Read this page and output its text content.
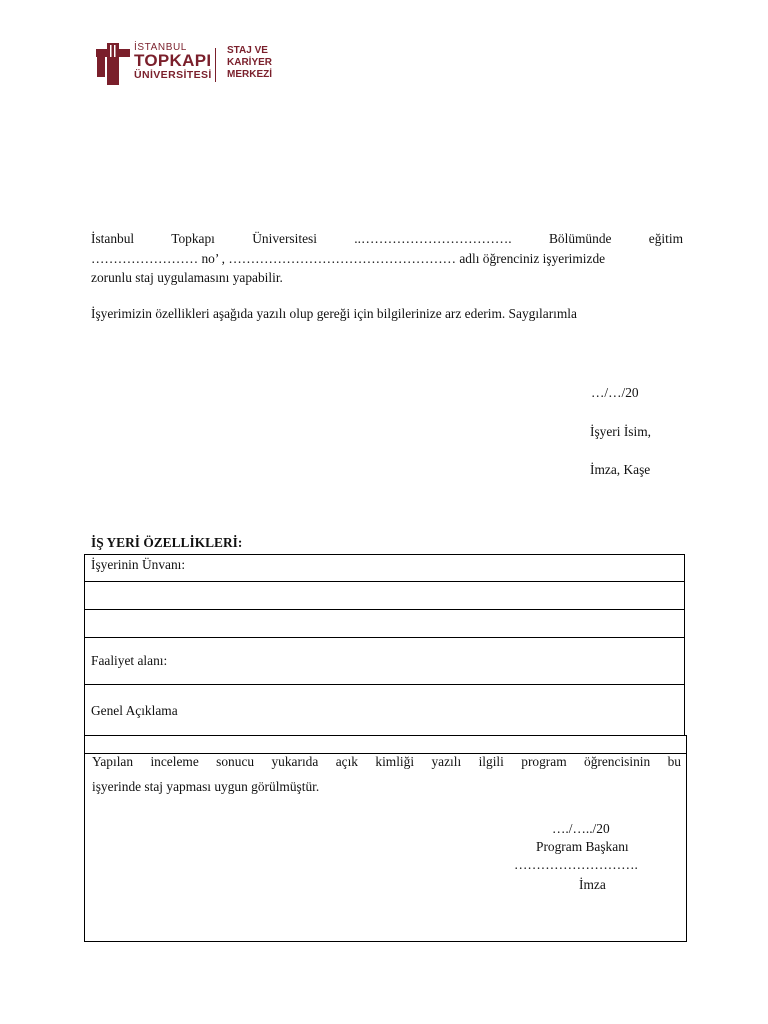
İSTANBUL
TOPKAPI
ÜNİVERSİTESİ
STAJ VE
KARİYER
MERKEZİ
İstanbul	Topkapı	Üniversitesi	..…………………………….	Bölümünde	eğitim
…………………… no’ , …………………………………………… adlı öğrenciniz işyerimizde
zorunlu staj uygulamasını yapabilir.
İşyerimizin özellikleri aşağıda yazılı olup gereği için bilgilerinize arz ederim. Saygılarımla
…/…/20
İşyeri İsim,
İmza, Kaşe
İŞ YERİ ÖZELLİKLERİ:
İşyerinin Ünvanı:
Faaliyet alanı:
Genel Açıklama
Yapılan inceleme sonucu yukarıda açık kimliği yazılı ilgili program öğrencisinin bu
işyerinde staj yapması uygun görülmüştür.
…./…../20
Program Başkanı
……………………….
İmza
